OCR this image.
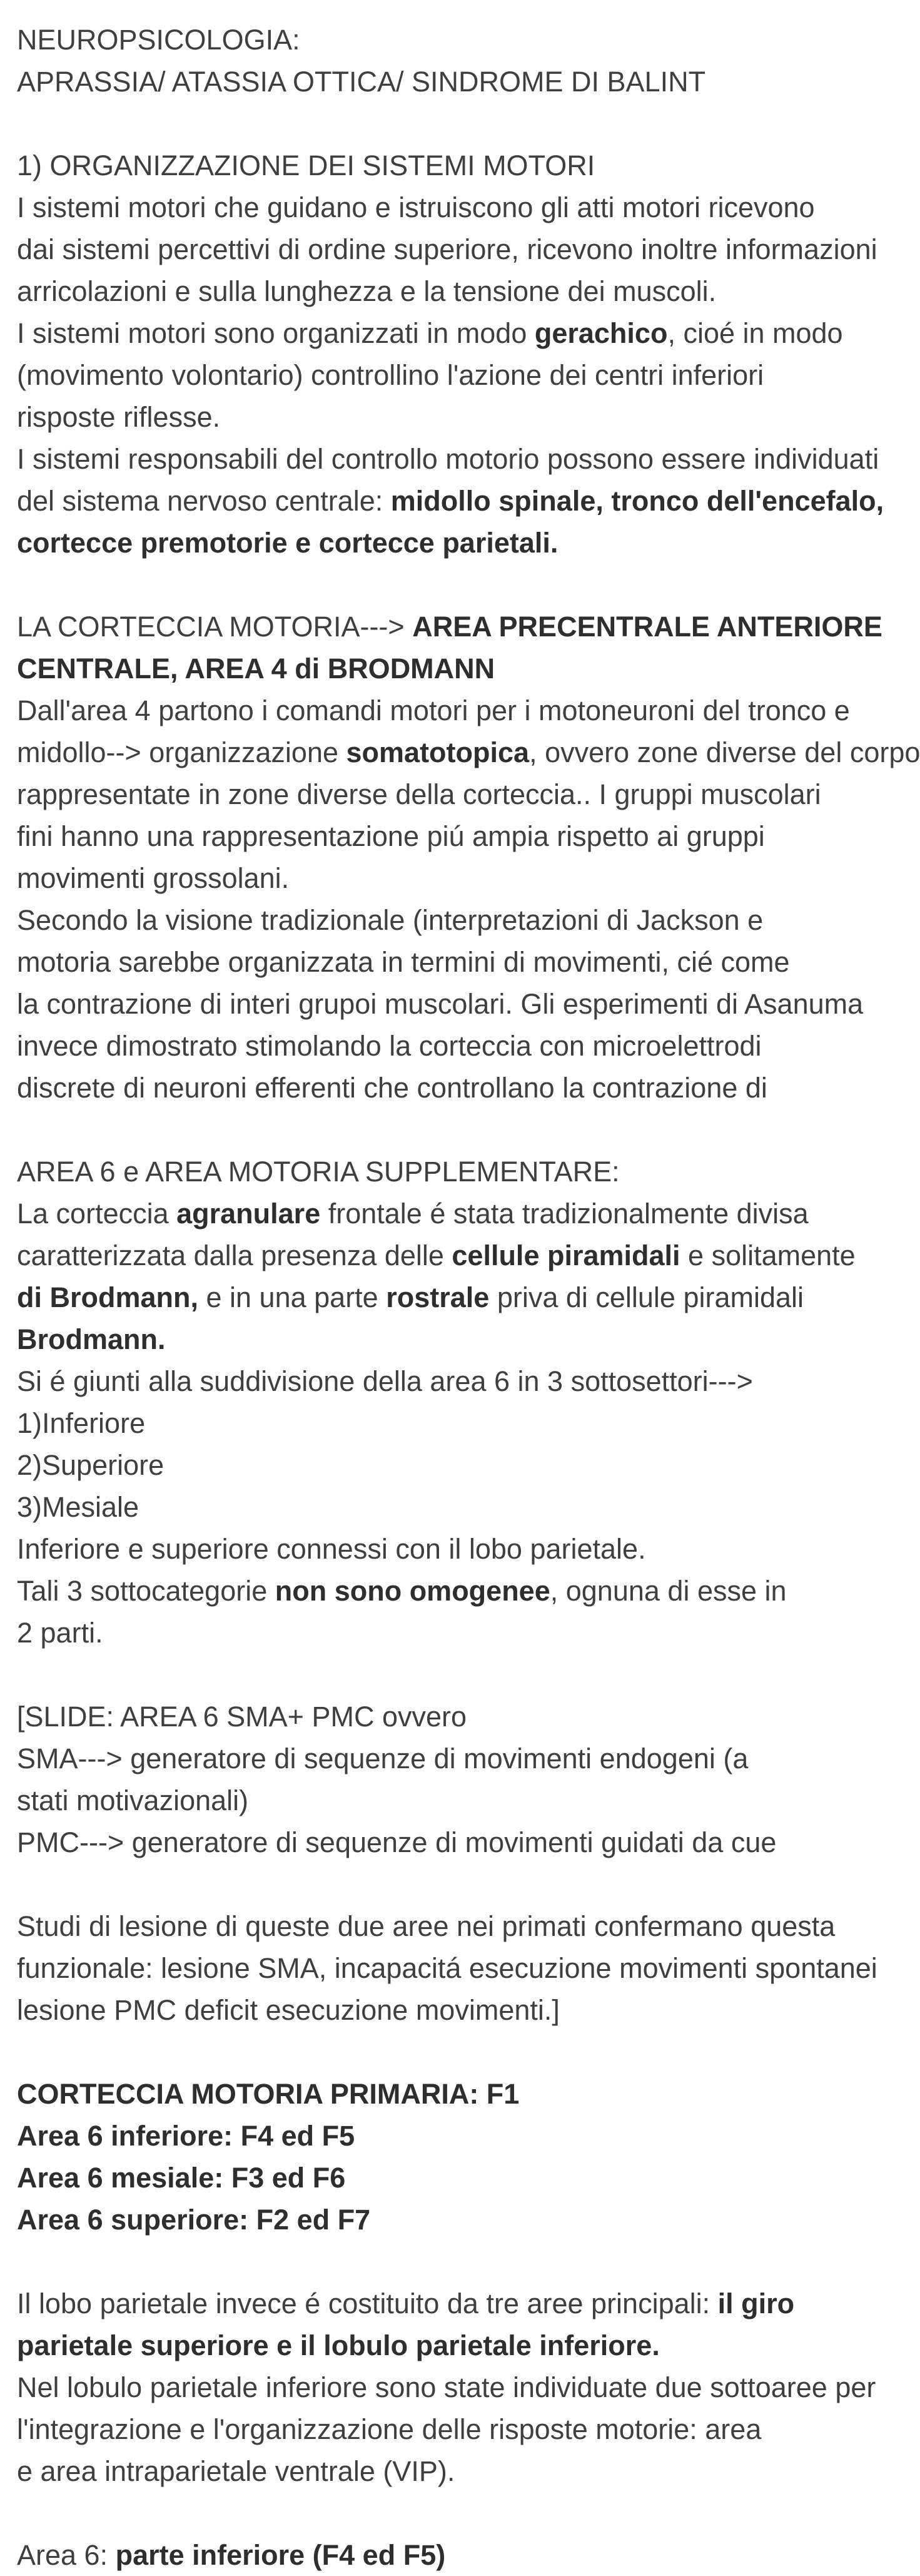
NEUROPSICOLOGIA:
APRASSIA/ ATASSIA OTTICA/ SINDROME DI BALINT
1) ORGANIZZAZIONE DEI SISTEMI MOTORI
I sistemi motori che guidano e istruiscono gli atti motori ricevono
dai sistemi percettivi di ordine superiore, ricevono inoltre informazioni
arricolazioni e sulla lunghezza e la tensione dei muscoli.
I sistemi motori sono organizzati in modo gerachico, cioé in modo
(movimento volontario) controllino l'azione dei centri inferiori
risposte riflesse.
I sistemi responsabili del controllo motorio possono essere individuati
del sistema nervoso centrale: midollo spinale, tronco dell'encefalo,
cortecce premotorie e cortecce parietali.
LA CORTECCIA MOTORIA---> AREA PRECENTRALE ANTERIORE
CENTRALE, AREA 4 di BRODMANN
Dall'area 4 partono i comandi motori per i motoneuroni del tronco e
midollo--> organizzazione somatotopica, ovvero zone diverse del corpo
rappresentate in zone diverse della corteccia.. I gruppi muscolari
fini hanno una rappresentazione piú ampia rispetto ai gruppi
movimenti grossolani.
Secondo la visione tradizionale (interpretazioni di Jackson e
motoria sarebbe organizzata in termini di movimenti, cié come
la contrazione di interi grupoi muscolari. Gli esperimenti di Asanuma
invece dimostrato stimolando la corteccia con microelettrodi
discrete di neuroni efferenti che controllano la contrazione di
AREA 6 e AREA MOTORIA SUPPLEMENTARE:
La corteccia agranulare frontale é stata tradizionalmente divisa
caratterizzata dalla presenza delle cellule piramidali e solitamente
di Brodmann, e in una parte rostrale priva di cellule piramidali
Brodmann.
Si é giunti alla suddivisione della area 6 in 3 sottosettori--->
1)Inferiore
2)Superiore
3)Mesiale
Inferiore e superiore connessi con il lobo parietale.
Tali 3 sottocategorie non sono omogenee, ognuna di esse in
2 parti.
[SLIDE: AREA 6 SMA+ PMC ovvero
SMA---> generatore di sequenze di movimenti endogeni (a
stati motivazionali)
PMC---> generatore di sequenze di movimenti guidati da cue
Studi di lesione di queste due aree nei primati confermano questa
funzionale: lesione SMA, incapacitá esecuzione movimenti spontanei
lesione PMC deficit esecuzione movimenti.]
CORTECCIA MOTORIA PRIMARIA: F1
Area 6 inferiore: F4 ed F5
Area 6 mesiale: F3 ed F6
Area 6 superiore: F2 ed F7
Il lobo parietale invece é costituito da tre aree principali: il giro
parietale superiore e il lobulo parietale inferiore.
Nel lobulo parietale inferiore sono state individuate due sottoaree per
l'integrazione e l'organizzazione delle risposte motorie: area
e area intraparietale ventrale (VIP).
Area 6: parte inferiore (F4 ed F5)
